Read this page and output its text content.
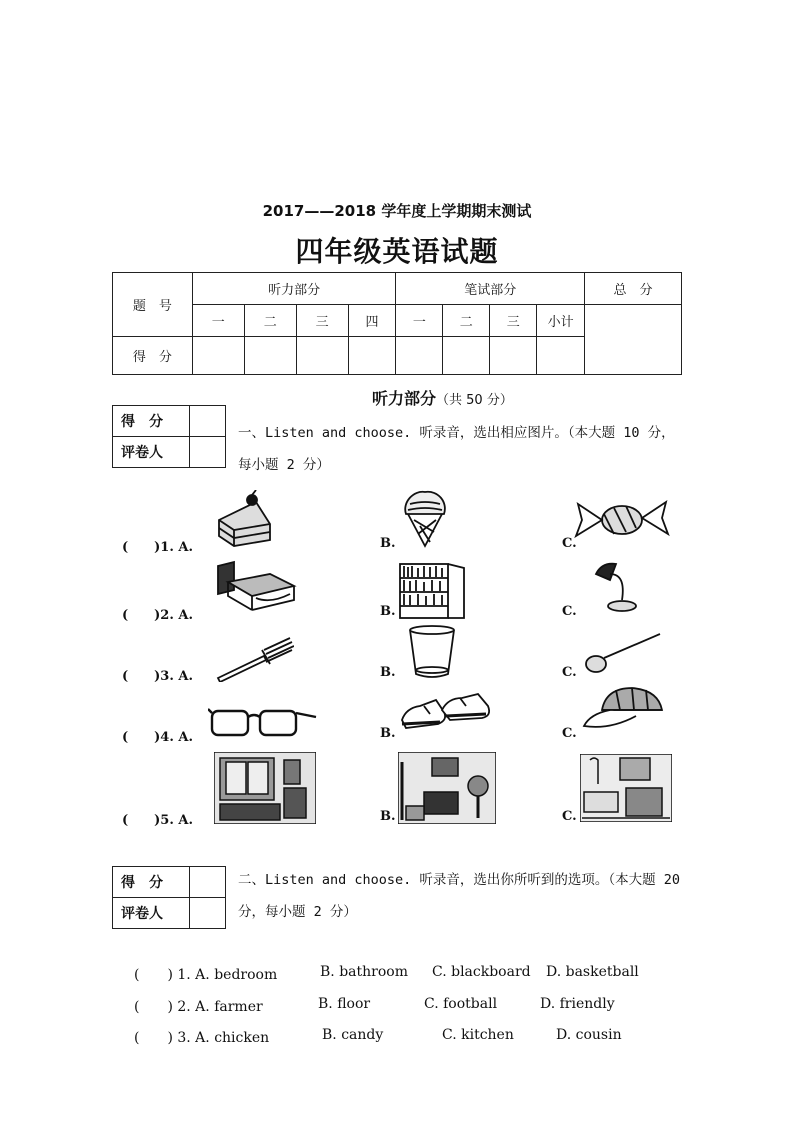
2017——2018 学年度上学期期末测试
四年级英语试题
题　号	听力部分				笔试部分				总　分
	一	二	三	四	一	二	三	小计	
得　分									
听力部分（共 50 分）
得　分	
评卷人	
一、Listen and choose. 听录音，选出相应图片。（本大题 10 分，每小题 2 分）
(　　)1. A.	B.	C.
(　　)2. A.	B.	C.
(　　)3. A.	B.	C.
(　　)4. A.	B.	C.
(　　)5. A.	B.	C.
得　分	
评卷人	
二、Listen and choose. 听录音，选出你所听到的选项。（本大题 20 分，每小题 2 分）
(　　) 1. A. bedroom	B. bathroom C. blackboard D. basketball
(　　) 2. A. farmer	B. floor	C. football	D. friendly
(　　) 3. A. chicken	B. candy	C. kitchen	D. cousin
